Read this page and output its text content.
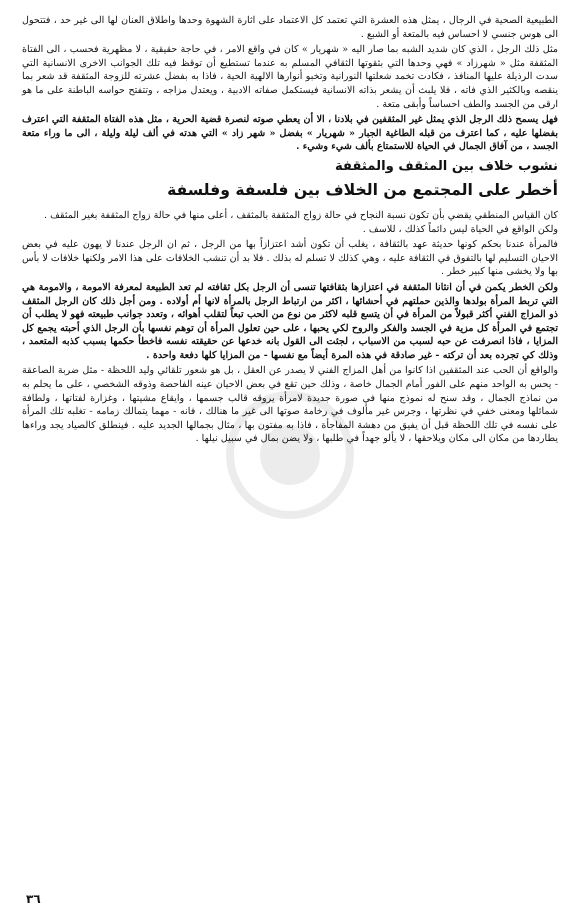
الطبيعية الصحية في الرجال ، يمثل هذه العشرة التي تعتمد كل الاعتماد على اثارة الشهوة وحدها واطلاق العنان لها الى غير حد ، فتتحول الى هوس جنسي لا احساس فيه بالمتعة أو الشبع .

مثل ذلك الرجل ، الذي كان شديد الشبه بما صار اليه « شهريار » كان في واقع الامر ، في حاجة حقيقية ، لا مظهرية فحسب ، الى الفتاة المثقفة مثل « شهرزاد » فهي وحدها التي بثقوتها الثقافي المسلم به عندما تستطيع أن توقظ فيه تلك الجوانب الاخرى الانسانية التي سدت الرذيلة عليها المنافذ ، فكادت تخمد شعلتها النورانية وتخبو أنوارها الالهية الحية ، فاذا به بفضل عشرته للزوجة المثقفة قد شعر بما ينقصه وبالكثير الذي فاته ، فلا يلبث أن يشعر بذاته الانسانية فيستكمل صفاته الادبية ، ويعتدل مزاجه ، وتتفتح حواسه الباطنة على ما هو ارقى من الجسد والطف احساساً وأبقى متعة .

فهل يسمح ذلك الرجل الذي يمثل غير المثقفين في بلادنا ، الا أن يعطي صوته لنصرة قضية الحرية ، مثل هذه الفتاة المثقفة التي اعترف بفضلها عليه ، كما اعترف من قبله الطاغية الجبار « شهريار » بفضل « شهر زاد » التي هدته في ألف ليلة وليلة ، الى ما وراء متعة الجسد ، من آفاق الجمال في الحياة للاستمتاع بألف شيء وشيء .

نشوب خلاف بين المثقف والمثقفة
أخطر على المجتمع من الخلاف بين فلسفة وفلسفة

كان القياس المنطقي يقضي بأن تكون نسبة النجاح في حالة زواج المثقفة بالمثقف ، أعلى منها في حالة زواج المثقفة بغير المثقف .

ولكن الواقع في الحياة ليس دائماً كذلك ، للاسف .

فالمرأة عندنا بحكم كونها حديثة عهد بالثقافة ، يغلب أن تكون أشد اعتزازاً بها من الرجل ، ثم ان الرجل عندنا لا يهون عليه في بعض الاحيان التسليم لها بالتفوق في الثقافة عليه ، وهي كذلك لا تسلم له بذلك . فلا بد أن تنشب الخلافات على هذا الامر ولكنها خلافات لا بأس بها ولا يخشى منها كبير خطر .

ولكن الخطر يكمن في أن انثانا المثقفة في اعتزازها بثقافتها تنسى أن الرجل بكل ثقافته لم تعد الطبيعة لمعرفة الامومة ، والامومة هي التي تربط المرأة بولدها والذين حملتهم في أحشائها ، اكثر من ارتباط الرجل بالمرأة لانها أم أولاده . ومن أجل ذلك كان الرجل المثقف ذو المزاج الفني أكثر قبولاً من المرأة في أن يتسع قلبه لاكثر من نوع من الحب تبعاً لتقلب أهوائه ، وتعدد جوانب طبيعته فهو لا يطلب أن تجتمع في المرأة كل مزية في الجسد والفكر والروح لكي يحبها ، على حين تعلول المرأة أن توهم نفسها بأن الرجل الذي أحبته يجمع كل المزايا ، فاذا انصرفت عن حبه لسبب من الاسباب ، لجئت الى القول بانه خدعها عن حقيقته نفسه فاخطأ حكمها بسبب كذبه المتعمد ، وذلك كي تجرده بعد أن تركته - غير صادقة في هذه المرة أيضاً مع نفسها - من المزايا كلها دفعة واحدة .

والواقع أن الحب عند المثقفين اذا كانوا من أهل المزاج الفني لا يصدر عن العقل ، بل هو شعور تلقائي وليد اللحظة - مثل ضربة الصاعقة - يحس به الواحد منهم على الفور أمام الجمال خاصة ، وذلك حين تقع في بعض الاحيان عينه الفاحصة وذوقه الشخصي ، على ما يحلم به من نماذج الجمال ، وقد سنح له نموذج منها في صورة جديدة لامرأة يروقه قالب جسمها ، وايقاع مشيتها ، وغزارة لفتاتها ، ولطافة شمائلها ومعنى خفي في نظرتها ، وجرس غير مألوف في رخامة صوتها الى غير ما هنالك ، فانه - مهما يتمالك زمامه - تغلبه تلك المرأة على نفسه في تلك اللحظة قبل أن يفيق من دهشة المفاجأة ، فاذا به مفتون بها ، مثال بجمالها الجديد عليه . فينطلق كالصياد يجد وراءها يطاردها من مكان الى مكان ويلاحقها ، لا يألو جهداً في طلبها ، ولا يضن بمال في سبيل نيلها .

٣٦
